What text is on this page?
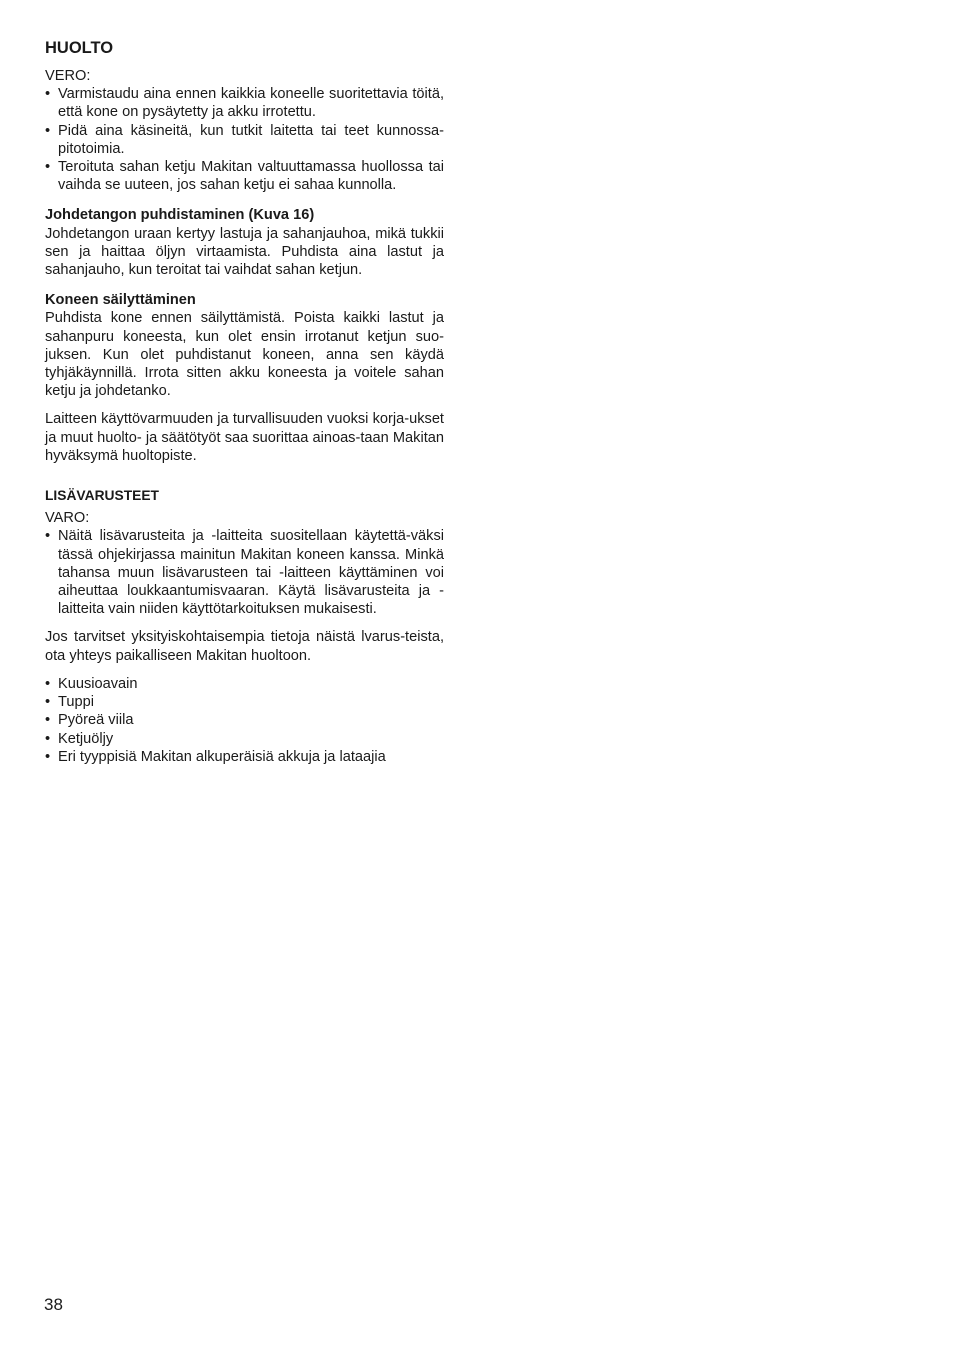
HUOLTO
VERO:
• Varmistaudu aina ennen kaikkia koneelle suoritettavia töitä, että kone on pysäytetty ja akku irrotettu.
• Pidä aina käsineitä, kun tutkit laitetta tai teet kunnossa-pitotoimia.
• Teroituta sahan ketju Makitan valtuuttamassa huollossa tai vaihda se uuteen, jos sahan ketju ei sahaa kunnolla.
Johdetangon puhdistaminen (Kuva 16)

Johdetangon uraan kertyy lastuja ja sahanjauhoa, mikä tukkii sen ja haittaa öljyn virtaamista. Puhdista aina lastut ja sahanjauho, kun teroitat tai vaihdat sahan ketjun.

Koneen säilyttäminen

Puhdista kone ennen säilyttämistä. Poista kaikki lastut ja sahanpuru koneesta, kun olet ensin irrotanut ketjun suo-juksen. Kun olet puhdistanut koneen, anna sen käydä tyhjäkäynnillä. Irrota sitten akku koneesta ja voitele sahan ketju ja johdetanko.

Laitteen käyttövarmuuden ja turvallisuuden vuoksi korja-ukset ja muut huolto- ja säätötyöt saa suorittaa ainoas-taan Makitan hyväksymä huoltopiste.

LISÄVARUSTEET
VARO:
• Näitä lisävarusteita ja -laitteita suositellaan käytettä-väksi tässä ohjekirjassa mainitun Makitan koneen kanssa. Minkä tahansa muun lisävarusteen tai -laitteen käyttäminen voi aiheuttaa loukkaantumisvaaran. Käytä lisävarusteita ja -laitteita vain niiden käyttötarkoituksen mukaisesti.

Jos tarvitset yksityiskohtaisempia tietoja näistä lvarus-teista, ota yhteys paikalliseen Makitan huoltoon.

• Kuusioavain
• Tuppi
• Pyöreä viila
• Ketjuöljy
• Eri tyyppisiä Makitan alkuperäisiä akkuja ja lataajia
38
